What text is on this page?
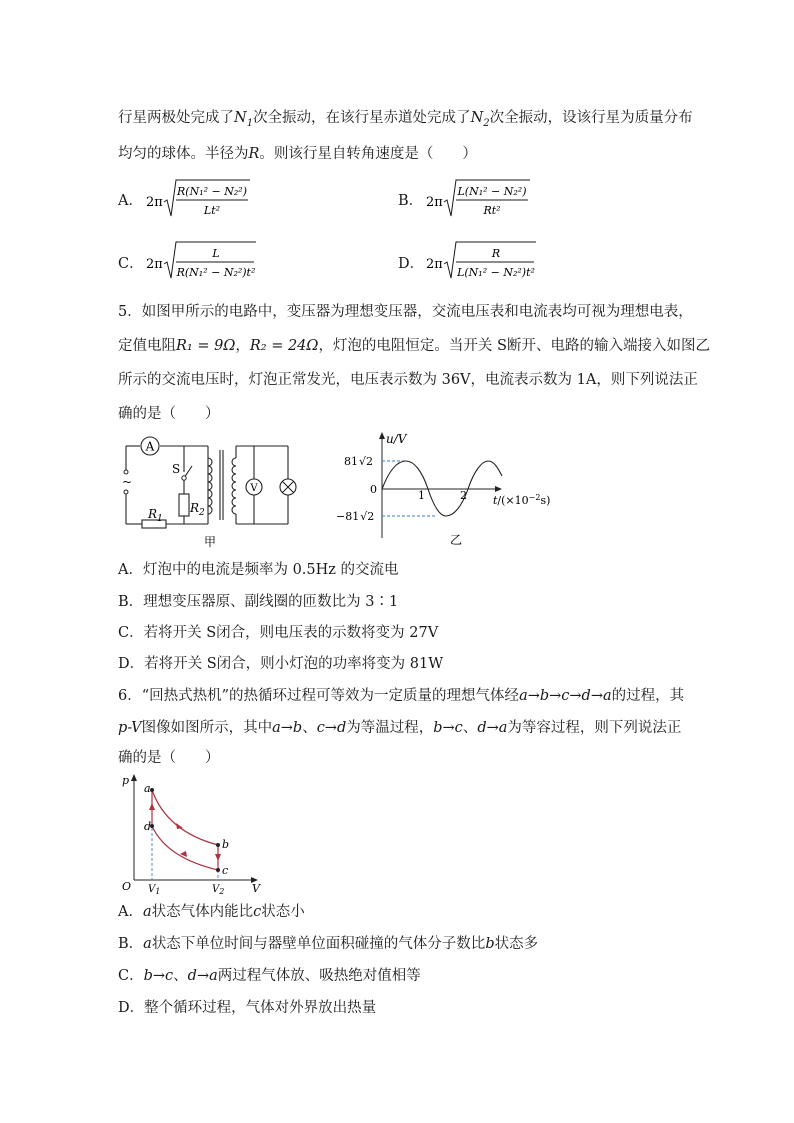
行星两极处完成了$N_1$次全振动，在该行星赤道处完成了$N_2$次全振动，设该行星为质量分布
均匀的球体。半径为R。则该行星自转角速度是（　　）
A． 2π
R(N₁² − N₂²)
Lt²
B． 2π
L(N₁² − N₂²)
Rt²
C． 2π
L
R(N₁² − N₂²)t²
D． 2π
R
L(N₁² − N₂²)t²
5．如图甲所示的电路中，变压器为理想变压器，交流电压表和电流表均可视为理想电表，
定值电阻R₁ = 9Ω，R₂ = 24Ω，灯泡的电阻恒定。当开关 S断开、电路的输入端接入如图乙
所示的交流电压时，灯泡正常发光，电压表示数为 36V，电流表示数为 1A，则下列说法正
确的是（　　）
A
V
S
$R_2$
$R_1$
~
甲
u/V
81√2
−81√2
0	1	2 $t/(\times 10^{-2}s)$
乙
A．灯泡中的电流是频率为 0.5Hz 的交流电
B．理想变压器原、副线圈的匝数比为 3∶1
C．若将开关 S闭合，则电压表的示数将变为 27V
D．若将开关 S闭合，则小灯泡的功率将变为 81W
6．“回热式热机”的热循环过程可等效为一定质量的理想气体经a→b→c→d→a的过程，其
p-V图像如图所示，其中a→b、c→d为等温过程，b→c、d→a为等容过程，则下列说法正
确的是（　　）
p
O	V
a
d
b
c
$V_1$	$V_2$
A．a状态气体内能比c状态小
B．a状态下单位时间与器壁单位面积碰撞的气体分子数比b状态多
C．b→c、d→a两过程气体放、吸热绝对值相等
D．整个循环过程，气体对外界放出热量
